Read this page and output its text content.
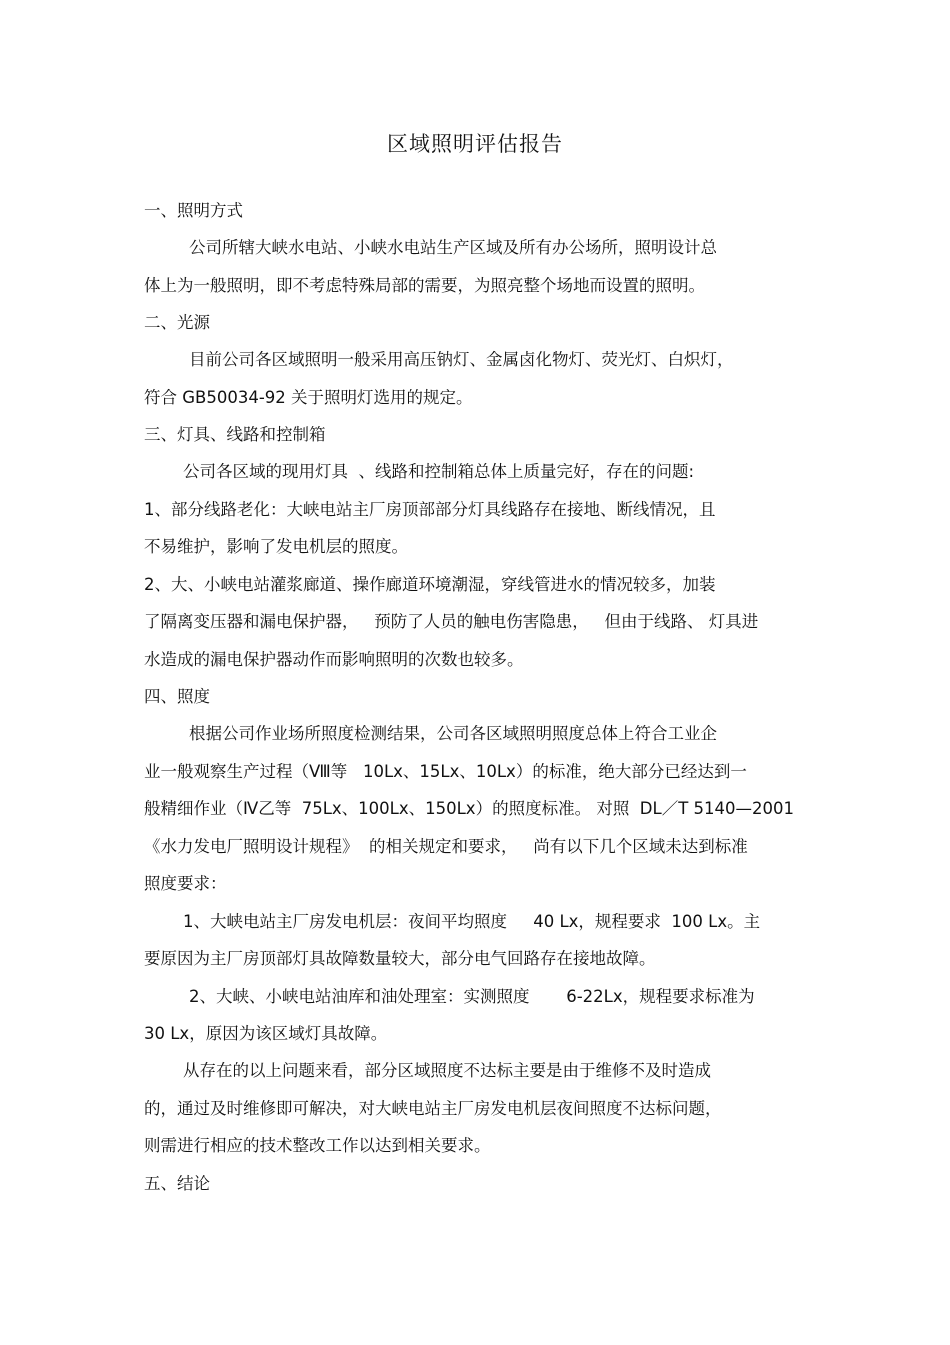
区域照明评估报告
一、照明方式
公司所辖大峡水电站、小峡水电站生产区域及所有办公场所，照明设计总
体上为一般照明，即不考虑特殊局部的需要，为照亮整个场地而设置的照明。
二、光源
目前公司各区域照明一般采用高压钠灯、金属卤化物灯、荧光灯、白炽灯，
符合 GB50034-92 关于照明灯选用的规定。
三、灯具、线路和控制箱
公司各区域的现用灯具  、线路和控制箱总体上质量完好，存在的问题:
1、部分线路老化：大峡电站主厂房顶部部分灯具线路存在接地、断线情况，且
不易维护，影响了发电机层的照度。
2、大、小峡电站灌浆廊道、操作廊道环境潮湿，穿线管进水的情况较多，加装
了隔离变压器和漏电保护器，   预防了人员的触电伤害隐患，   但由于线路、 灯具进
水造成的漏电保护器动作而影响照明的次数也较多。
四、照度
根据公司作业场所照度检测结果，公司各区域照明照度总体上符合工业企
业一般观察生产过程（Ⅷ等   10Lx、15Lx、10Lx）的标准，绝大部分已经达到一
般精细作业（Ⅳ乙等  75Lx、100Lx、150Lx）的照度标准。 对照  DL／T 5140—2001
《水力发电厂照明设计规程》  的相关规定和要求，   尚有以下几个区域未达到标准
照度要求：
1、大峡电站主厂房发电机层：夜间平均照度     40 Lx，规程要求  100 Lx。主
要原因为主厂房顶部灯具故障数量较大，部分电气回路存在接地故障。
2、大峡、小峡电站油库和油处理室：实测照度       6-22Lx，规程要求标准为
30 Lx，原因为该区域灯具故障。
从存在的以上问题来看，部分区域照度不达标主要是由于维修不及时造成
的，通过及时维修即可解决，对大峡电站主厂房发电机层夜间照度不达标问题，
则需进行相应的技术整改工作以达到相关要求。
五、结论
